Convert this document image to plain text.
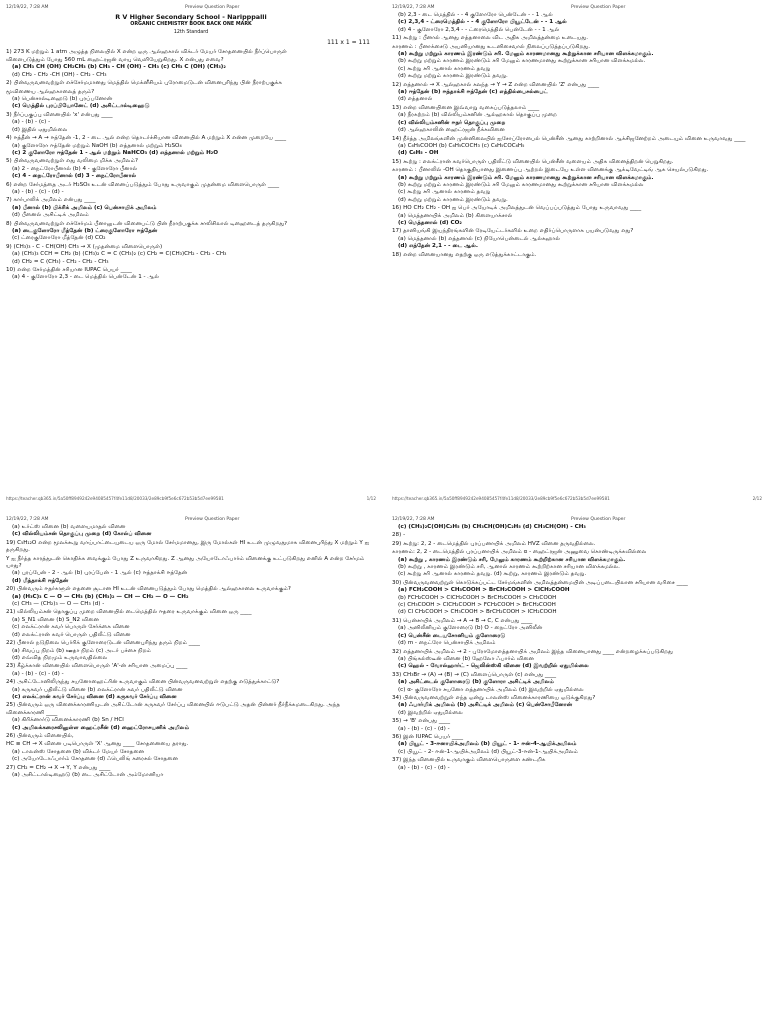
12/19/22, 7:28 AM	Preview Question Paper
R V Higher Secondary School - Naripppalli
ORGANIC CHEMISTRY BOOK BACK ONE MARK
12th Standard
111 x 1 = 111
1) 273 K மற்றும் 1 atm அழுத்த நிலையில் X என்ற ஒரு ஆல்ஹகால் விக்டர் மேயர் சோதனையில் நீர்ப்பொருள்
விளைபடுத்தும் போது 560 mL ஹைட்ரஜன் வாயு வெளியேறுகிறது. X என்பது எவை?
(a) CH₃ CH (OH) CH₂CH₃ (b) CH₃ - CH (OH) - CH₃ (c) CH₃ C (OH) (CH₃)₂
(d) CH₂ - CH₂ -CH (OH) - CH₂ - CH₃
2) பின்வருவனவற்றுள் எச்சேர்மமானது மெத்தில் மெக்னீசியம் புரோமைடுடன் வினைபுரிந்து பின் நீராற்பகுக்க
மூவிணைய ஆல்ஹகாலைத் தரும்?
(a) பென்சால்டிஹைடு (b) புரப்பனோன்
(c) மெத்தில் புரப்பியோனேட் (d) அசிட்டால்டிஹைடு
3) நீர்ப்பகுப்பு வினையில் 'x' என்பது ____
(a) - (b) - (c) -
(d) இதில் ஏதுமில்லை
4) ஈத்தீன் → A → ஈத்தேன் -1, 2 - டை ஆல் என்ற தொடர்ச்சியான வினையில் A மற்றும் X என்ன முறையே ____
(a) குளோரோ ஈத்தேன் மற்றும் NaOH (b) எத்தனால் மற்றும் H₂SO₄
(c) 2 குளோரோ ஈத்தேன் 1 - ஆல் மற்றும் NaHCO₃ (d) எத்தனால் மற்றும் H₂O
5) பின்வருவனவற்றுள் எது வலிமை மிக்க அமிலம்?
(a) 2 - நைட்ரோபீனால் (b) 4 - குளோரோ பீனால்
(c) 4 - நைட்ரோபீனால் (d) 3 - நைட்ரோபீனால்
6) என்ற சேர்மத்தை அடர் H₂SO₄ உடன் வினைப்படுத்தும் போது உருவாகும் முதன்மை விளைபொருள் ____
(a) - (b) - (c) - (d) -
7) கார்பாலிக் அமிலம் என்பது ____
(a) பீனால் (b) பிக்ரிக் அமிலம் (c) பென்சாயிக் அமிலம்
(d) பீனைல் அசிட்டிக் அமிலம்
8) பின்வருவனவற்றுள் எச்சேர்மம் பீனாலுடன் வினைபட்டு பின் நீராற்பகுக்க சாலிசிலால் டிஹைடைத் தருகிறது?
(a) டைகுளோரோ மீத்தேன் (b) ட்ரைகுளோரோ ஈத்தேன்
(c) ட்ரைகுளோரோ மீத்தேன் (d) CO₂
9) (CH₃)₃ - C - CH(OH) CH₃ → X (முதன்மை விளைபொருள்)
(a) (CH₃)₃ CCH = CH₂ (b) (CH₃)₂ C = C (CH₃)₂ (c) CH₂ = C(CH₃)CH₂ - CH₂ - CH₃
(d) CH₂ = C (CH₃) - CH₂ - CH₂ - CH₃
10) என்ற சேர்மத்தின் சரியான IUPAC பெயர் ____
(a) 4 - குளோரோ 2,3 - டை மெத்தில் பென்டேன் 1 - ஆல்
https://teacher.qb365.in/5a50ff8949242e94085457f4fe11d8/20033/2e89cb9f5e6c672b53b5d7ee99581	1/12
12/19/22, 7:28 AM	Preview Question Paper
(b) 2,3 - டை மெத்தில் - - 4 குளோரோ பென்டேன் - - 1 ஆல்
(c) 2,3,4 - ட்ரைமெத்தில் - - 4 குளோரோ பியூட்டேன் - - 1 ஆல்
(d) 4 - குளோரோ 2,3,4 - - ட்ரைமெத்தில் பென்டேன் - - 1 ஆல்
11) கூற்று : பீனால் ஆனது எத்தனாலை விட அதிக அமிலத்தன்மை உடையது.
காரணம் : பீனாக்சைடு அயனியானது உடனிசைவால் நிலைப்படுத்தப்படுகிறது.
(a) கூற்று மற்றும் காரணம் இரண்டும் சரி. மேலும் காரணமானது கூற்றுக்கான சரியான விளக்கமாகும்.
(b) கூற்று மற்றும் காரணம் இரண்டும் சரி மேலும் காரணமானது கூற்றுக்கான சரியான விளக்கமல்ல.
(c) கூற்று சரி ஆனால் காரணம் தவறு
(d) கூற்று மற்றும் காரணம் இரண்டும் தவறு.
12) எத்தனால் → X ஆல்ஹகால் கலந்த → Y → Z என்ற வினையில் 'Z' என்பது ____
(a) ஈத்தேன் (b) ஈத்தாக்சி ஈத்தேன் (c) எத்தில்பைசல்பைட்
(d) எத்தனால்
13) என்ற வினையினை இவ்வாறு வகைப்படுத்தலாம் ____
(a) நீரகற்றம் (b) வில்லியம்சனின் ஆல்ஹகால் தொகுப்பு முறை
(c) வில்லியம்சனின் ஈதர் தொகுப்பு முறை
(d) ஆல்ஹகாலின் ஹைட்ரஜன் நீக்கவினை
14) நீர்த்த அமிலங்களின் முன்னிலையில் ஐசோப்ரோபைல் பென்சீன் ஆனது காற்றினால் ஆக்சிஜனேற்றம் அடையும் வினை உருவாவது ____
(a) C₆H₅COOH (b) C₆H₅COCH₃ (c) C₆H₅COC₆H₅
(d) C₆H₅ - OH
15) கூற்று : எலக்ட்ரான் கவர்பொருள் பதிலீட்டு வினையில் பென்சீன் வளையம் அதிக வினைத்திறன் பெறுகிறது.
காரணம் : பீனாலில் -OH தொகுதியானது இணைப்பு ஆற்றல் இடையே உள்ள வினைக்கு ஆக்டிவேட்டிங் ஆக செயல்படுகிறது.
(a) கூற்று மற்றும் காரணம் இரண்டும் சரி. மேலும் காரணமானது கூற்றுக்கான சரியான விளக்கமாகும்.
(b) கூற்று மற்றும் காரணம் இரண்டும் சரி மேலும் காரணமானது கூற்றுக்கான சரியான விளக்கமல்ல
(c) கூற்று சரி ஆனால் காரணம் தவறு
(d) கூற்று மற்றும் காரணம் இரண்டும் தவறு.
16) HO CH₂ CH₂ - OH ஐ பெர் அயோடிக் அமிலத்துடன் வெப்பப்படுத்தும் போது உருவாவது ____
(a) மெத்தனாயிக் அமிலம் (b) கிளையாக்சால்
(c) மெத்தனால் (d) CO₂
17) தானியங்கி இயந்திரங்களின் ரேடியேட்டர்களில் உறை எதிர்ப்பொருளாக பயன்படுவது எது?
(a) மெத்தனால் (b) எத்தனால் (c) நியோபென்டைல் ஆல்கஹால்
(d) எத்தேன் 2,1 - - டை ஆல்.
18) என்ற வினையானது எதற்கு ஒரு எடுத்துக்காட்டாகும்.
https://teacher.qb365.in/5a50ff8949242e94085457f4fe11d8/20033/2e89cb9f5e6c672b53b5d7ee99581	2/12
12/19/22, 7:28 AM	Preview Question Paper
(a) உர்ட்ஸ் வினை (b) வளையமாதல் வினை
(c) வில்லியம்சன் தொகுப்பு முறை (d) கோல்ப் வினை
19) C₅H₁₂O என்ற மூலக்கூறு வாய்பாட்டையுடைய ஒரு மோல் சேர்மமானது, இரு மோல்கள் HI உடன் முழுவதுமாக வினைபுரிந்து X மற்றும் Y ஐ தருகிறது.
Y ஐ நீர்த்த காரத்துடன் கொதிக்க வைக்கும் போது Z உருவாகிறது. Z ஆனது அயோடோஃபார்ம் வினைக்கு உட்படுகிறது எனில் A என்ற சேர்மம் யாது?
(a) புரப்பேன் - 2 - ஆல் (b) புரப்பேன் - 1 ஆல் (c) ஈத்தாக்சி ஈத்தேன்
(d) மீத்தாக்சி ஈத்தேன்
20) பின்வரும் ஈதர்களுள் எதனை சூடான HI உடன் வினைபடுத்தும் போது மெத்தில் ஆல்ஹகாலை உருவாக்கும்?
(a) (H₃C)₃ C — O — CH₃ (b) (CH₃)₂ — CH — CH₂ — O — CH₂
(c) CH₃ — (CH₂)₃ — O — CH₃ (d) -
21) வில்லியம்சன் தொகுப்பு முறை வினையில் டைமெத்தில் ஈதரை உருவாக்கும் வினை ஒரு ____
(a) S_N1 வினை (b) S_N2 வினை
(c) எலக்ட்ரான் கவர் பொருள் சேர்க்கை வினை
(d) எலக்ட்ரான் கவர் பொருள் பதிலீட்டு வினை
22) பீனால் நடுநிலை பெர்ரிக் குளோரைடுடன் வினைபுரிந்து தரும் நிறம் ____
(a) சிவப்பு நிறம் (b) ஊதா நிறம் (c) அடர் பச்சை நிறம்
(d) எவ்வித நிறமும் உருவாவதில்லை
23) கீழ்க்கான் வினையில் விளைபொருள் 'A'-ன் சரியான அமைப்பு ____
(a) - (b) - (c) - (d) -
24) அசிட்டோனிலிருந்து சயனோஹைட்ரின் உருவாகும் வினை பின்வருவனவற்றுள் எதற்கு எடுத்துக்காட்டு?
(a) கருகவர் பதிலீட்டு வினை (b) எலக்ட்ரான் கவர் பதிலீட்டு வினை
(c) எலக்ட்ரான் கவர் சேர்ப்பு வினை (d) கருகவர் சேர்ப்பு வினை
25) பின்வரும் ஒரு வினைக்காரணியுடன் அசிட்டோன் கருகவர் சேர்ப்பு வினையில் ஈடுபட்டு அதன் பின்னர் நீர்நீக்கமடைகிறது. அந்த வினைக்காரணி ____
(a) கிரிக்னார்டு வினைக்காரணி (b) Sn / HCl
(c) அமிலக்கரைசலிலுள்ள ஹைட்ரசீன் (d) ஹைட்ரோசயனிக் அமிலம்
26) பின்வரும் வினையில்,
HC ≡ CH → X வினை படிபொருள் 'X' ஆனது ____ சோதனையை தராது.
(a) டாலன்ஸ் சோதனை (b) விக்டர் மேயர் சோதனை
(c) அயோடோஃபார்ம் சோதனை (d) ஃபெலிங் கரைசல் சோதனை
27) CH₂ = CH₂ → X → Y, Y என்பது ____
(a) அசிட்டால்டிஹைடு (b) டை அசிட்டோன் அம்மோனியா
12/19/22, 7:28 AM	Preview Question Paper
(c) (CH₃)₂C(OH)C₂H₅ (b) CH₃CH(OH)C₂H₅ (d) CH₃CH(OH) - CH₃
28) -
29) கூற்று: 2, 2 - டைமெத்தில் புரப்பனாயிக் அமிலம் HVZ வினை தருவதில்லை.
காரணம்: 2, 2 - டைமெத்தில் புரப்பனாயிக் அமிலம் α - ஹைட்ரஜன் அணுவை கொண்டிருக்கவில்லை
(a) கூற்று , காரணம் இரண்டும் சரி, மேலும் காரணம் கூற்றிற்கான சரியான விளக்கமாகும்.
(b) கூற்று , காரணம் இரண்டும் சரி, ஆனால் காரணம் கூற்றிற்கான சரியான விளக்கமல்ல.
(c) கூற்று சரி ஆனால் காரணம் தவறு. (d) கூற்று, காரணம் இரண்டும் தவறு.
30) பின்வருவனவற்றுள் கொடுக்கப்பட்ட சேர்மங்களின் அமிலத்தன்மையின் அடிப்படையிலான சரியான வரிசை ____
(a) FCH₂COOH > CH₃COOH > BrCH₂COOH > ClCH₂COOH
(b) FCH₂COOH > ClCH₂COOH > BrCH₂COOH > CH₃COOH
(c) CH₃COOH > ClCH₂COOH > FCH₂COOH > BrCH₂COOH
(d) Cl CH₂COOH > CH₃COOH > BrCH₂COOH > ICH₂COOH
31) பென்சாயிக் அமிலம் → A → B → C, C என்பது ____
(a) அனிலீனியம் குளோரைடு (b) O - நைட்ரோ அனிலீன்
(c) பென்சீன் டையசோனியம் குளோரைடு
(d) m - நைட்ரோ பென்சாயிக் அமிலம்
32) எத்தனாயிக் அமிலம் → 2 - புரோமோஎத்தனாயிக் அமிலம் இந்த வினையானது ____ என்றழைக்கப்படுகிறது
(a) பிங்கல்ஸ்டீன் வினை (b) ஹேலோ ஃபார்ம் வினை
(c) ஹெல் - வோல்ஹார்ட் - ஜெலின்ஸ்கி வினை (d) இவற்றில் ஏதுமில்லை
33) CH₃Br → (A) → (B) → (C) விளைப்பொருள் (c) என்பது ____
(a) அசிட்டைல் குளோரைடு (b) குளோரா அசிட்டிக் அமிலம்
(c) α- குளோரோ சயனோ எத்தனாயிக் அமிலம் (d) இவற்றில் ஏதுமில்லை
34) பின்வருவனவற்றுள் எந்த ஒன்று டாலன்ஸ் வினைக்காரணியை ஒடுக்குகிறது?
(a) ஃபார்மிக் அமிலம் (b) அசிட்டிக் அமிலம் (c) பென்சோபீனோன்
(d) இவற்றில் ஏதுமில்லை
35) → 'B' என்பது ____
(a) - (b) - (c) - (d) -
36) இன் IUPAC பெயர் ____
(a) பியூட் - 3-ஈனாயிக்அமிலம் (b) பியூட் - 1- ஈன்-4-ஆயிக்அமிலம்
(c) பியூட் - 2- ஈன்-1-ஆயிக்அமிலம் (d) பியூட்-3-ஈன்-1-ஆயிக்அமிலம்
37) இந்த வினையில் உருவாகும் விளைபொருளை கண்டறிக
(a) - (b) - (c) - (d) -
